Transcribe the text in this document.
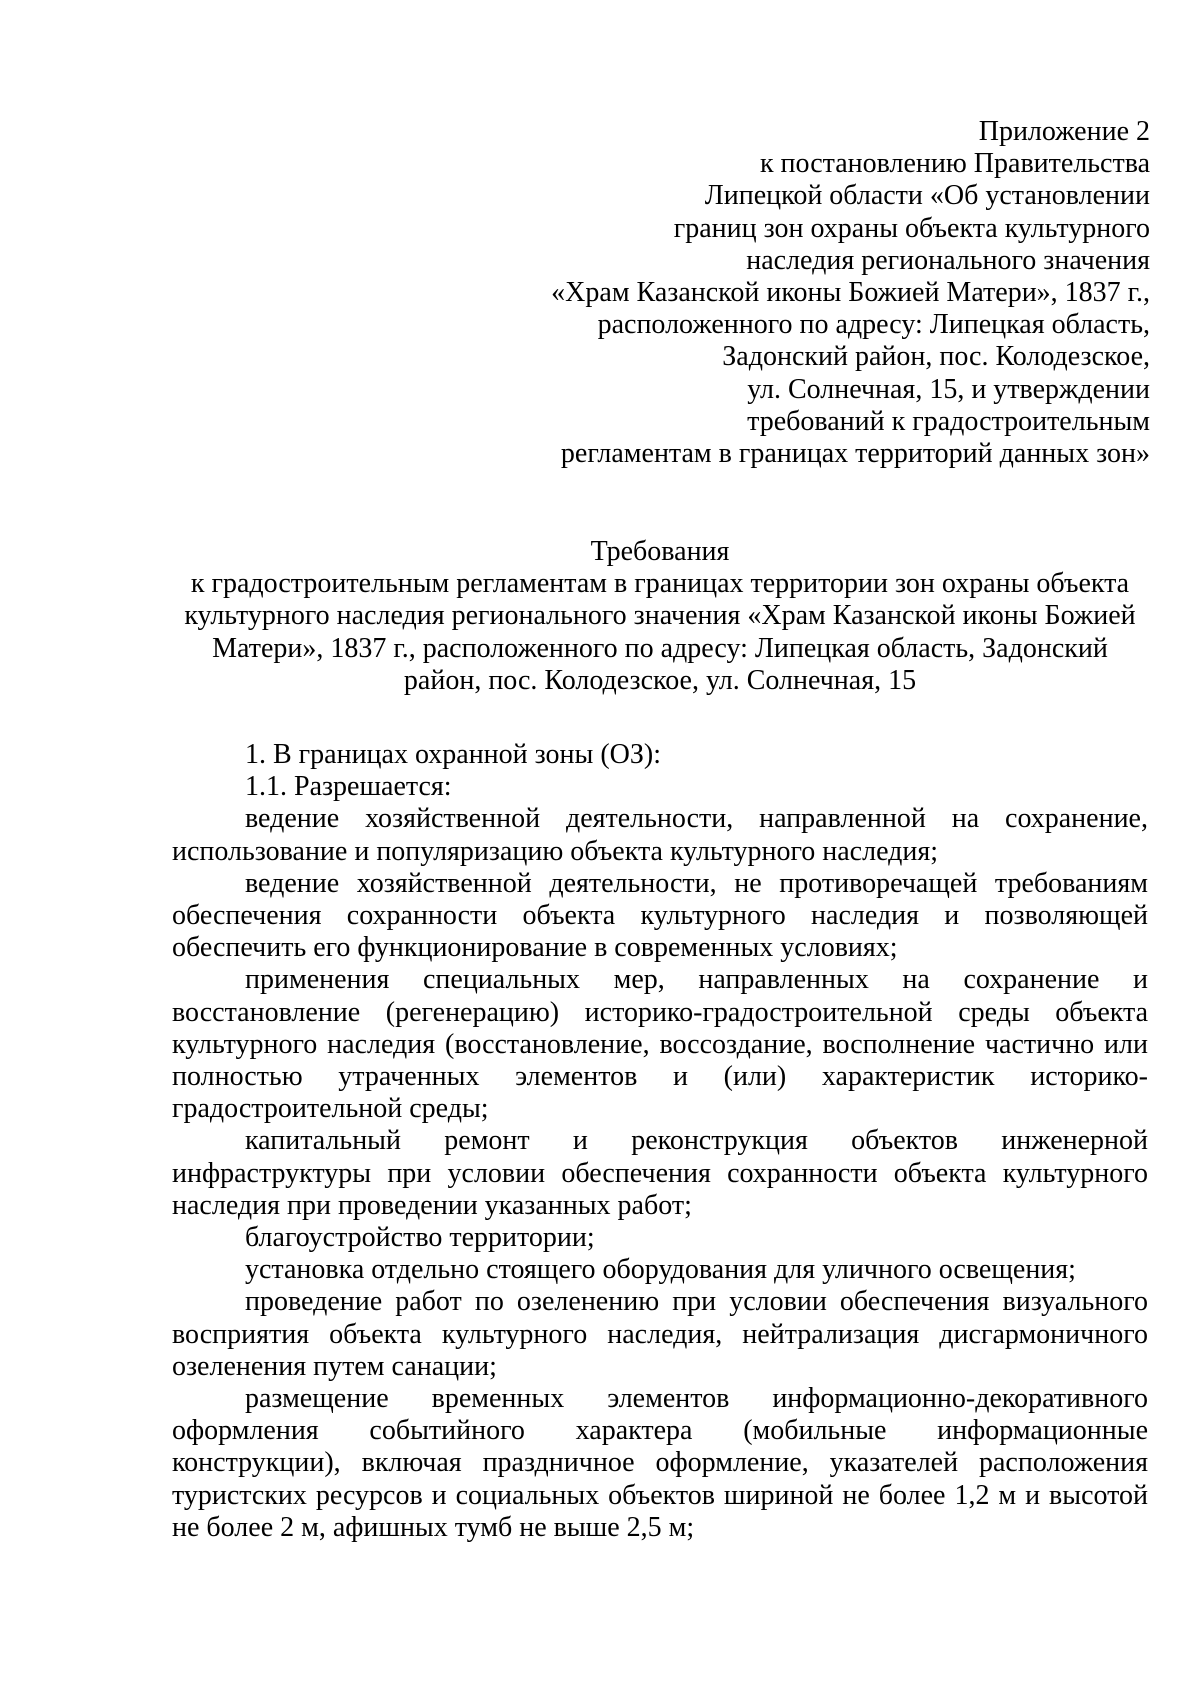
Приложение 2
к постановлению Правительства
Липецкой области «Об установлении
границ зон охраны объекта культурного
наследия регионального значения
«Храм Казанской иконы Божией Матери», 1837 г.,
расположенного по адресу: Липецкая область,
Задонский район, пос. Колодезское,
ул. Солнечная, 15, и утверждении
требований к градостроительным
регламентам в границах территорий данных зон»
Требования
к градостроительным регламентам в границах территории зон охраны объекта
культурного наследия регионального значения «Храм Казанской иконы Божией
Матери», 1837 г., расположенного по адресу: Липецкая область, Задонский
район, пос. Колодезское, ул. Солнечная, 15

1. В границах охранной зоны (ОЗ):

1.1. Разрешается:

ведение хозяйственной деятельности, направленной на сохранение, использование и популяризацию объекта культурного наследия;

ведение хозяйственной деятельности, не противоречащей требованиям обеспечения сохранности объекта культурного наследия и позволяющей обеспечить его функционирование в современных условиях;

применения специальных мер, направленных на сохранение и восстановление (регенерацию) историко-градостроительной среды объекта культурного наследия (восстановление, воссоздание, восполнение частично или полностью утраченных элементов и (или) характеристик историко-градостроительной среды;

капитальный ремонт и реконструкция объектов инженерной инфраструктуры при условии обеспечения сохранности объекта культурного наследия при проведении указанных работ;

благоустройство территории;

установка отдельно стоящего оборудования для уличного освещения;

проведение работ по озеленению при условии обеспечения визуального восприятия объекта культурного наследия, нейтрализация дисгармоничного озеленения путем санации;

размещение временных элементов информационно-декоративного оформления событийного характера (мобильные информационные конструкции), включая праздничное оформление, указателей расположения туристских ресурсов и социальных объектов шириной не более 1,2 м и высотой не более 2 м, афишных тумб не выше 2,5 м;
